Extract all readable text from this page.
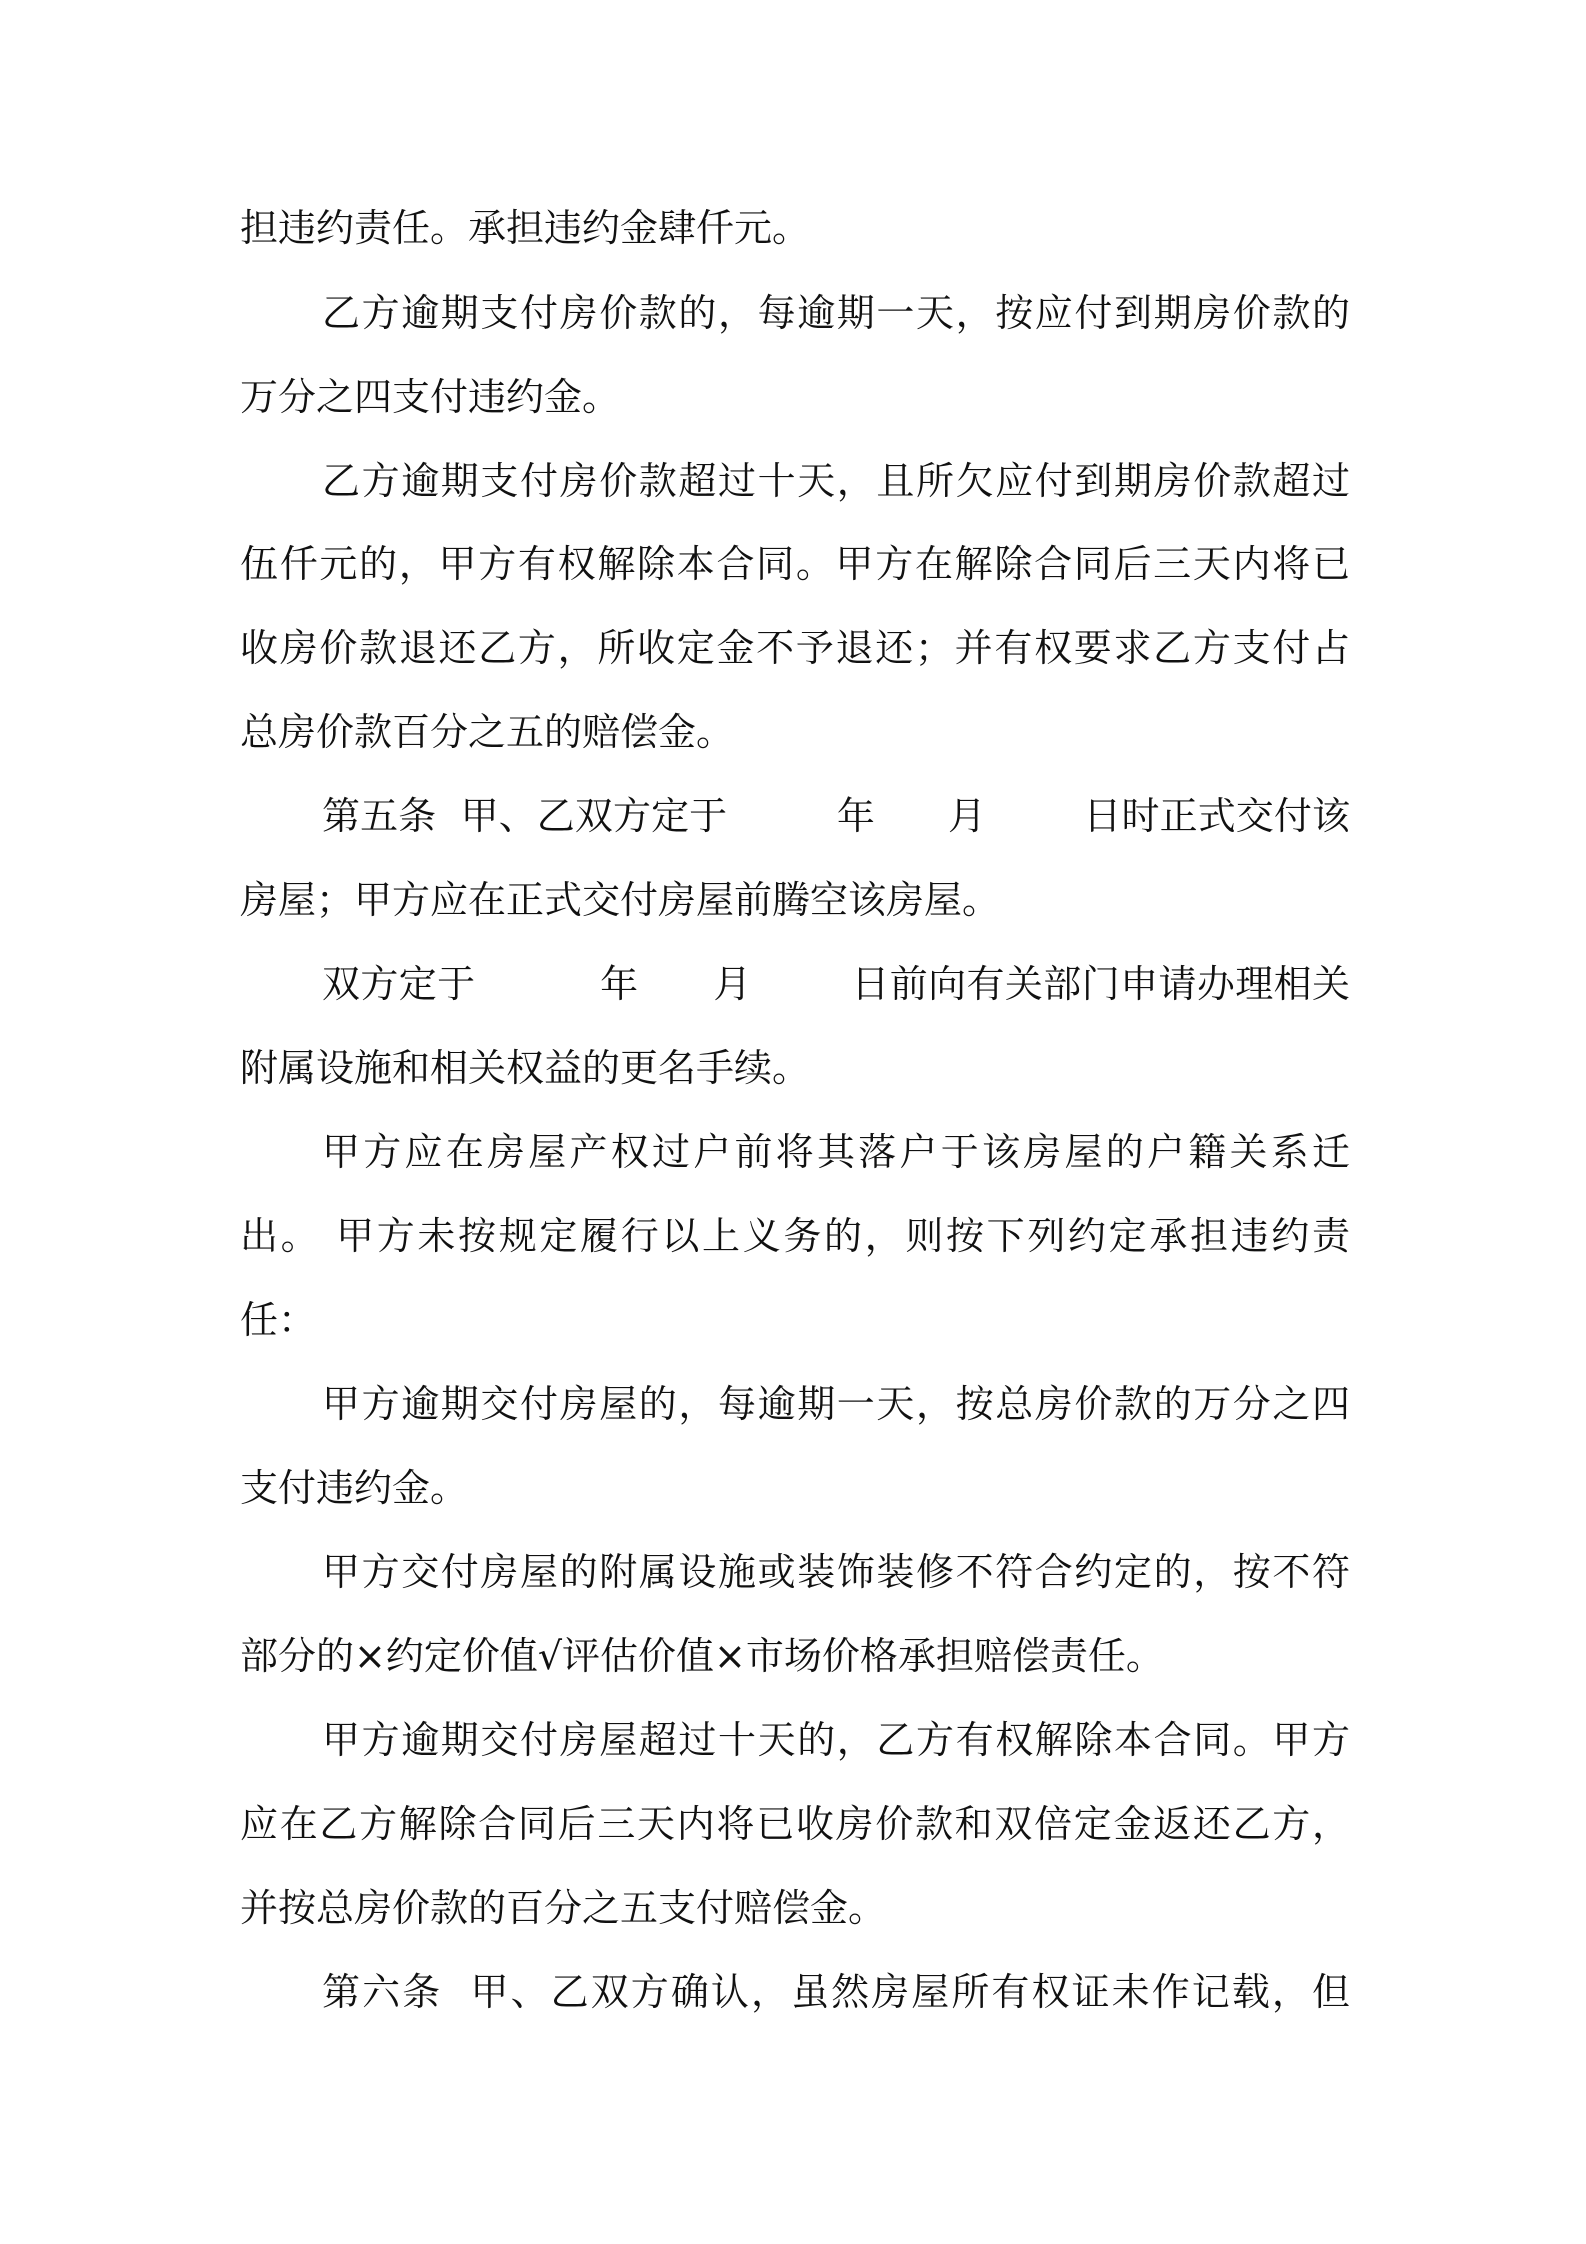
担违约责任。承担违约金肆仟元。

乙方逾期支付房价款的，每逾期一天，按应付到期房价款的

万分之四支付违约金。

乙方逾期支付房价款超过十天，且所欠应付到期房价款超过

伍仟元的，甲方有权解除本合同。甲方在解除合同后三天内将已

收房价款退还乙方，所收定金不予退还；并有权要求乙方支付占

总房价款百分之五的赔偿金。

第五条  甲、乙双方定于         年      月        日时正式交付该

房屋；甲方应在正式交付房屋前腾空该房屋。

双方定于          年      月        日前向有关部门申请办理相关

附属设施和相关权益的更名手续。

甲方应在房屋产权过户前将其落户于该房屋的户籍关系迁

出。 甲方未按规定履行以上义务的，则按下列约定承担违约责

任：

甲方逾期交付房屋的，每逾期一天，按总房价款的万分之四

支付违约金。

甲方交付房屋的附属设施或装饰装修不符合约定的，按不符

部分的×约定价值√评估价值×市场价格承担赔偿责任。

甲方逾期交付房屋超过十天的，乙方有权解除本合同。甲方

应在乙方解除合同后三天内将已收房价款和双倍定金返还乙方，

并按总房价款的百分之五支付赔偿金。

第六条  甲、乙双方确认，虽然房屋所有权证未作记载，但
